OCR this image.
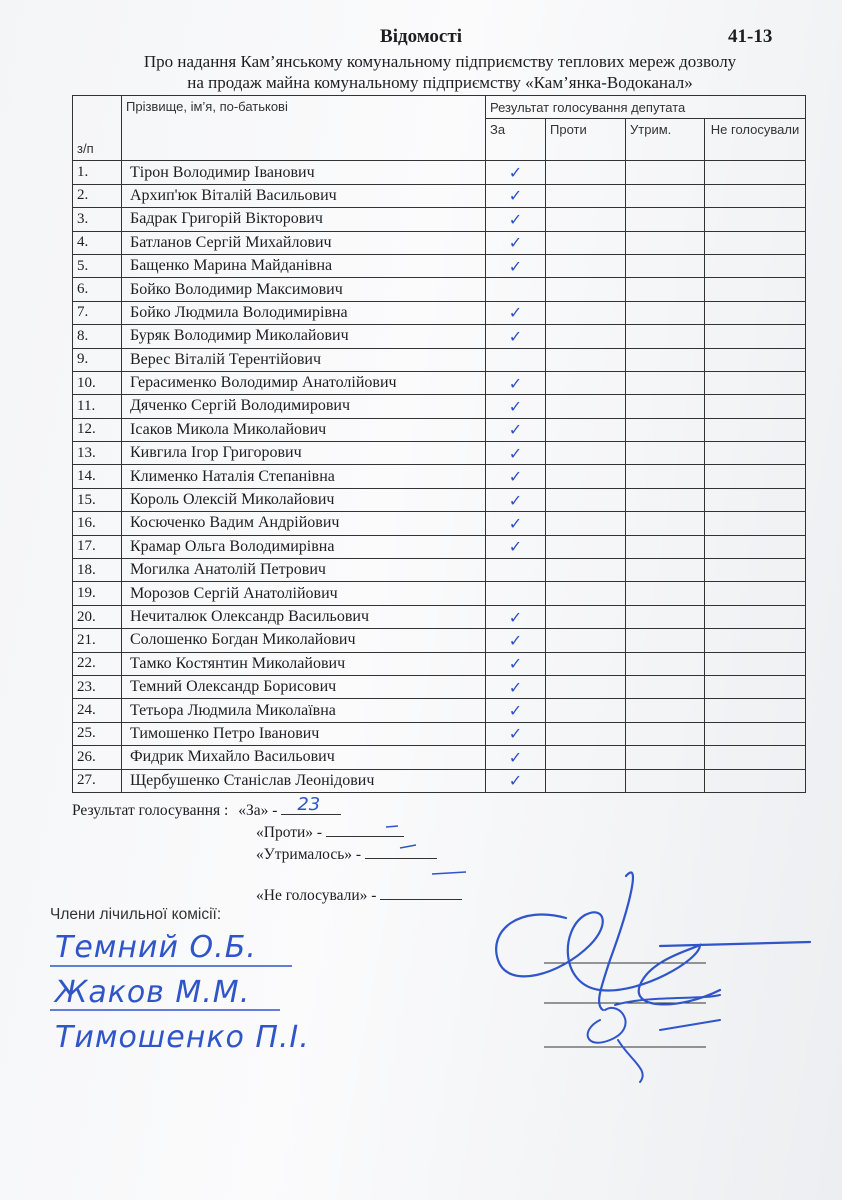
Відомості	41-13
Про надання Кам’янському комунальному підприємству теплових мереж дозволу
на продаж майна комунальному підприємству «Кам’янка-Водоканал»
з/п	Прізвище, ім’я, по-батькові	Результат голосування депутата			
		За	Проти	Утрим.	Не голосували
1.	Тірон Володимир Іванович	✓			
2.	Архип'юк Віталій Васильович	✓			
3.	Бадрак Григорій Вікторович	✓			
4.	Батланов Сергій Михайлович	✓			
5.	Бащенко Марина Майданівна	✓			
6.	Бойко Володимир Максимович				
7.	Бойко Людмила Володимирівна	✓			
8.	Буряк Володимир Миколайович	✓			
9.	Верес Віталій Терентійович				
10.	Герасименко Володимир Анатолійович	✓			
11.	Дяченко Сергій Володимирович	✓			
12.	Ісаков Микола Миколайович	✓			
13.	Кивгила Ігор Григорович	✓			
14.	Клименко Наталія Степанівна	✓			
15.	Король Олексій Миколайович	✓			
16.	Косюченко Вадим Андрійович	✓			
17.	Крамар Ольга Володимирівна	✓			
18.	Могилка Анатолій Петрович				
19.	Морозов Сергій Анатолійович				
20.	Нечиталюк Олександр Васильович	✓			
21.	Солошенко Богдан Миколайович	✓			
22.	Тамко Костянтин Миколайович	✓			
23.	Темний Олександр Борисович	✓			
24.	Тетьора Людмила Миколаївна	✓			
25.	Тимошенко Петро Іванович	✓			
26.	Фидрик Михайло Васильович	✓			
27.	Щербушенко Станіслав Леонідович	✓			
Результат голосування : «За» - 23
«Проти» -
«Утрималось» -
«Не голосували» -
Члени лічильної комісії:
Темний О.Б.
Жаков М.М.
Тимошенко П.І.
